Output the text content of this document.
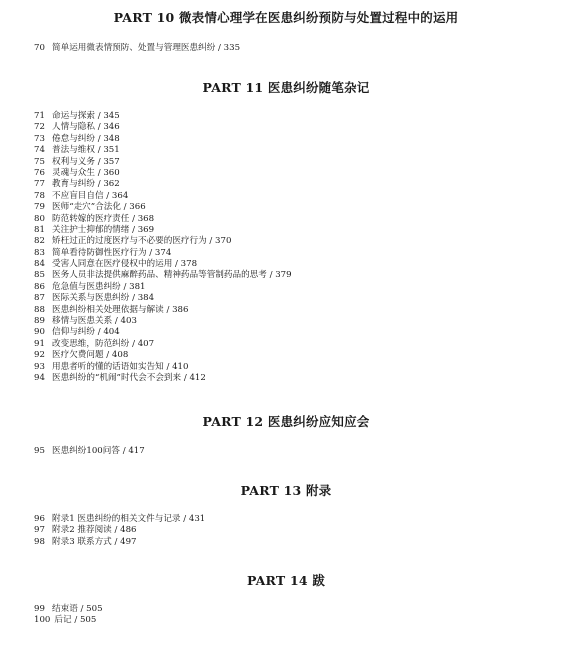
PART 10 微表情心理学在医患纠纷预防与处置过程中的运用
70 简单运用微表情预防、处置与管理医患纠纷 / 335
PART 11 医患纠纷随笔杂记
71 命运与探索 / 345
72 人情与隐私 / 346
73 倦怠与纠纷 / 348
74 普法与维权 / 351
75 权利与义务 / 357
76 灵魂与众生 / 360
77 教育与纠纷 / 362
78 不应盲目自信 / 364
79 医师“走穴”合法化 / 366
80 防范转嫁的医疗责任 / 368
81 关注护士抑郁的情绪 / 369
82 矫枉过正的过度医疗与不必要的医疗行为 / 370
83 简单看待防御性医疗行为 / 374
84 受害人同意在医疗侵权中的运用 / 378
85 医务人员非法提供麻醉药品、精神药品等管制药品的思考 / 379
86 危急值与医患纠纷 / 381
87 医际关系与医患纠纷 / 384
88 医患纠纷相关处理依据与解读 / 386
89 移情与医患关系 / 403
90 信仰与纠纷 / 404
91 改变思维，防范纠纷 / 407
92 医疗欠费问题 / 408
93 用患者听的懂的话语如实告知 / 410
94 医患纠纷的“机闹”时代会不会到来 / 412
PART 12 医患纠纷应知应会
95 医患纠纷100问答 / 417
PART 13 附录
96 附录1 医患纠纷的相关文件与记录 / 431
97 附录2 推荐阅读 / 486
98 附录3 联系方式 / 497
PART 14 跋
99 结束语 / 505
100 后记 / 505
